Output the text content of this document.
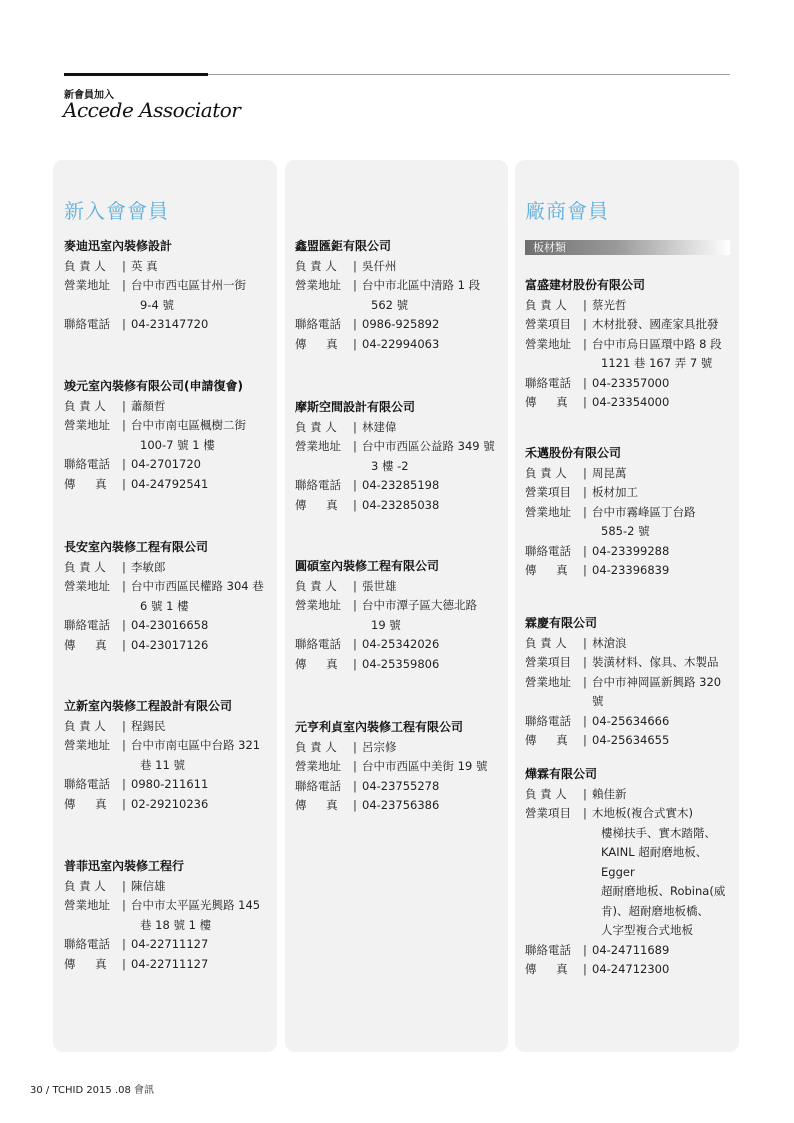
新會員加入
Accede Associator
新入會會員	廠商會員
板材類
麥迪迅室內裝修設計
負 責 人	| 英 真
營業地址	| 台中市西屯區甘州一街
9-4 號
聯絡電話	| 04-23147720
竣元室內裝修有限公司(申請復會)
負 責 人	| 蕭顏哲
營業地址	| 台中市南屯區楓樹二街
100-7 號 1 樓
聯絡電話	| 04-2701720
傳 真	| 04-24792541
長安室內裝修工程有限公司
負 責 人	| 李敏郎
營業地址	| 台中市西區民權路 304 巷
6 號 1 樓
聯絡電話	| 04-23016658
傳 真	| 04-23017126
立新室內裝修工程設計有限公司
負 責 人	| 程錫民
營業地址	| 台中市南屯區中台路 321
巷 11 號
聯絡電話	| 0980-211611
傳 真	| 02-29210236
普菲迅室內裝修工程行
負 責 人	| 陳信雄
營業地址	| 台中市太平區光興路 145
巷 18 號 1 樓
聯絡電話	| 04-22711127
傳 真	| 04-22711127
鑫盟匯鉅有限公司
負 責 人	| 吳仟州
營業地址	| 台中市北區中清路 1 段
562 號
聯絡電話	| 0986-925892
傳 真	| 04-22994063
摩斯空間設計有限公司
負 責 人	| 林建偉
營業地址	| 台中市西區公益路 349 號
3 樓 -2
聯絡電話	| 04-23285198
傳 真	| 04-23285038
圓碩室內裝修工程有限公司
負 責 人	| 張世雄
營業地址	| 台中市潭子區大德北路
19 號
聯絡電話	| 04-25342026
傳 真	| 04-25359806
元亨利貞室內裝修工程有限公司
負 責 人	| 呂宗修
營業地址	| 台中市西區中美街 19 號
聯絡電話	| 04-23755278
傳 真	| 04-23756386
富盛建材股份有限公司
負 責 人	| 蔡光哲
營業項目	| 木材批發、國產家具批發
營業地址	| 台中市烏日區環中路 8 段
1121 巷 167 弄 7 號
聯絡電話	| 04-23357000
傳 真	| 04-23354000
禾邁股份有限公司
負 責 人	| 周昆萬
營業項目	| 板材加工
營業地址	| 台中市霧峰區丁台路
585-2 號
聯絡電話	| 04-23399288
傳 真	| 04-23396839
霖慶有限公司
負 責 人	| 林滄浪
營業項目	| 裝潢材料、傢具、木製品
營業地址	| 台中市神岡區新興路 320 號
聯絡電話	| 04-25634666
傳 真	| 04-25634655
燁霖有限公司
負 責 人	| 賴佳新
營業項目	| 木地板(複合式實木)
樓梯扶手、實木踏階、
KAINL 超耐磨地板、Egger
超耐磨地板、Robina(威
肯)、超耐磨地板橋、
人字型複合式地板
聯絡電話	| 04-24711689
傳 真	| 04-24712300
30 / TCHID 2015 .08 會訊
